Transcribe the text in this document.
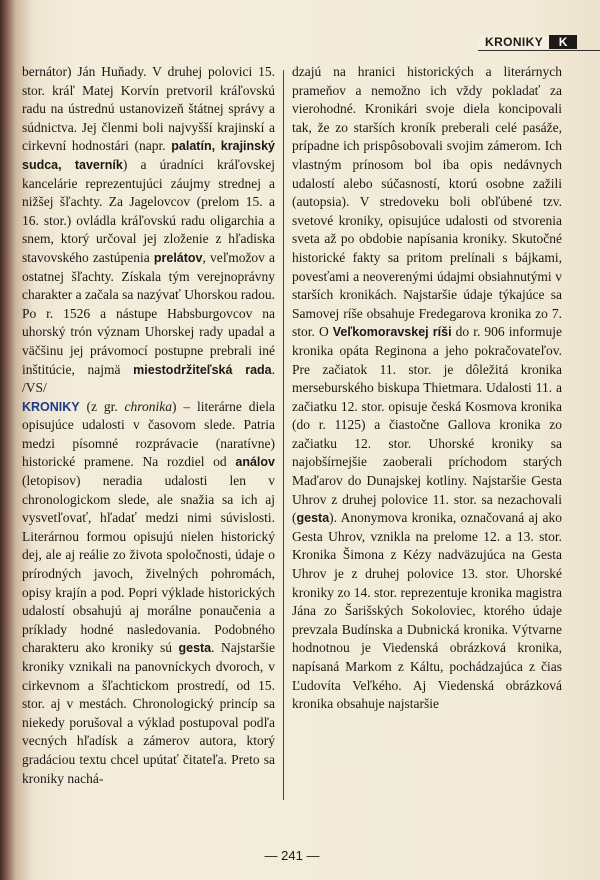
KRONIKY	K

bernátor) Ján Huňady. V druhej polovici 15. stor. kráľ Matej Korvín pretvoril kráľovskú radu na ústrednú ustanovizeň štátnej správy a súdnictva. Jej členmi boli najvyšší krajinskí a cirkevní hodnostári (napr. palatín, krajinský sudca, taverník) a úradníci kráľovskej kancelárie reprezentujúci záujmy strednej a nižšej šľachty. Za Jagelovcov (prelom 15. a 16. stor.) ovládla kráľovskú radu oligarchia a snem, ktorý určoval jej zloženie z hľadiska stavovského zastúpenia prelátov, veľmožov a ostatnej šľachty. Získala tým verejnoprávny charakter a začala sa nazývať Uhorskou radou. Po r. 1526 a nástupe Habsburgovcov na uhorský trón význam Uhorskej rady upadal a väčšinu jej právomocí postupne prebrali iné inštitúcie, najmä miestodržiteľská rada. /VS/

KRONIKY (z gr. chronika) – literárne diela opisujúce udalosti v časovom slede. Patria medzi písomné rozprávacie (naratívne) historické pramene. Na rozdiel od análov (letopisov) neradia udalosti len v chronologickom slede, ale snažia sa ich aj vysvetľovať, hľadať medzi nimi súvislosti. Literárnou formou opisujú nielen historický dej, ale aj reálie zo života spoločnosti, údaje o prírodných javoch, živelných pohromách, opisy krajín a pod. Popri výklade historických udalostí obsahujú aj morálne ponaučenia a príklady hodné nasledovania. Podobného charakteru ako kroniky sú gesta. Najstaršie kroniky vznikali na panovníckych dvoroch, v cirkevnom a šľachtickom prostredí, od 15. stor. aj v mestách. Chronologický princíp sa niekedy porušoval a výklad postupoval podľa vecných hľadísk a zámerov autora, ktorý gradáciou textu chcel upútať čitateľa. Preto sa kroniky nachá-

dzajú na hranici historických a literárnych prameňov a nemožno ich vždy pokladať za vierohodné. Kronikári svoje diela koncipovali tak, že zo starších kroník preberali celé pasáže, prípadne ich prispôsobovali svojim zámerom. Ich vlastným prínosom bol iba opis nedávnych udalostí alebo súčasností, ktorú osobne zažili (autopsia). V stredoveku boli obľúbené tzv. svetové kroniky, opisujúce udalosti od stvorenia sveta až po obdobie napísania kroniky. Skutočné historické fakty sa pritom prelínali s bájkami, povesťami a neoverenými údajmi obsiahnutými v starších kronikách. Najstaršie údaje týkajúce sa Samovej ríše obsahuje Fredegarova kronika zo 7. stor. O Veľkomoravskej ríši do r. 906 informuje kronika opáta Reginona a jeho pokračovateľov. Pre začiatok 11. stor. je dôležitá kronika merseburského biskupa Thietmara. Udalosti 11. a začiatku 12. stor. opisuje česká Kosmova kronika (do r. 1125) a čiastočne Gallova kronika zo začiatku 12. stor. Uhorské kroniky sa najobšírnejšie zaoberali príchodom starých Maďarov do Dunajskej kotliny. Najstaršie Gesta Uhrov z druhej polovice 11. stor. sa nezachovali (gesta). Anonymova kronika, označovaná aj ako Gesta Uhrov, vznikla na prelome 12. a 13. stor. Kronika Šimona z Kézy nadväzujúca na Gesta Uhrov je z druhej polovice 13. stor. Uhorské kroniky zo 14. stor. reprezentuje kronika magistra Jána zo Šarišských Sokoloviec, ktorého údaje prevzala Budínska a Dubnická kronika. Výtvarne hodnotnou je Viedenská obrázková kronika, napísaná Markom z Káltu, pochádzajúca z čias Ľudovíta Veľkého. Aj Viedenská obrázková kronika obsahuje najstaršie

— 241 —
